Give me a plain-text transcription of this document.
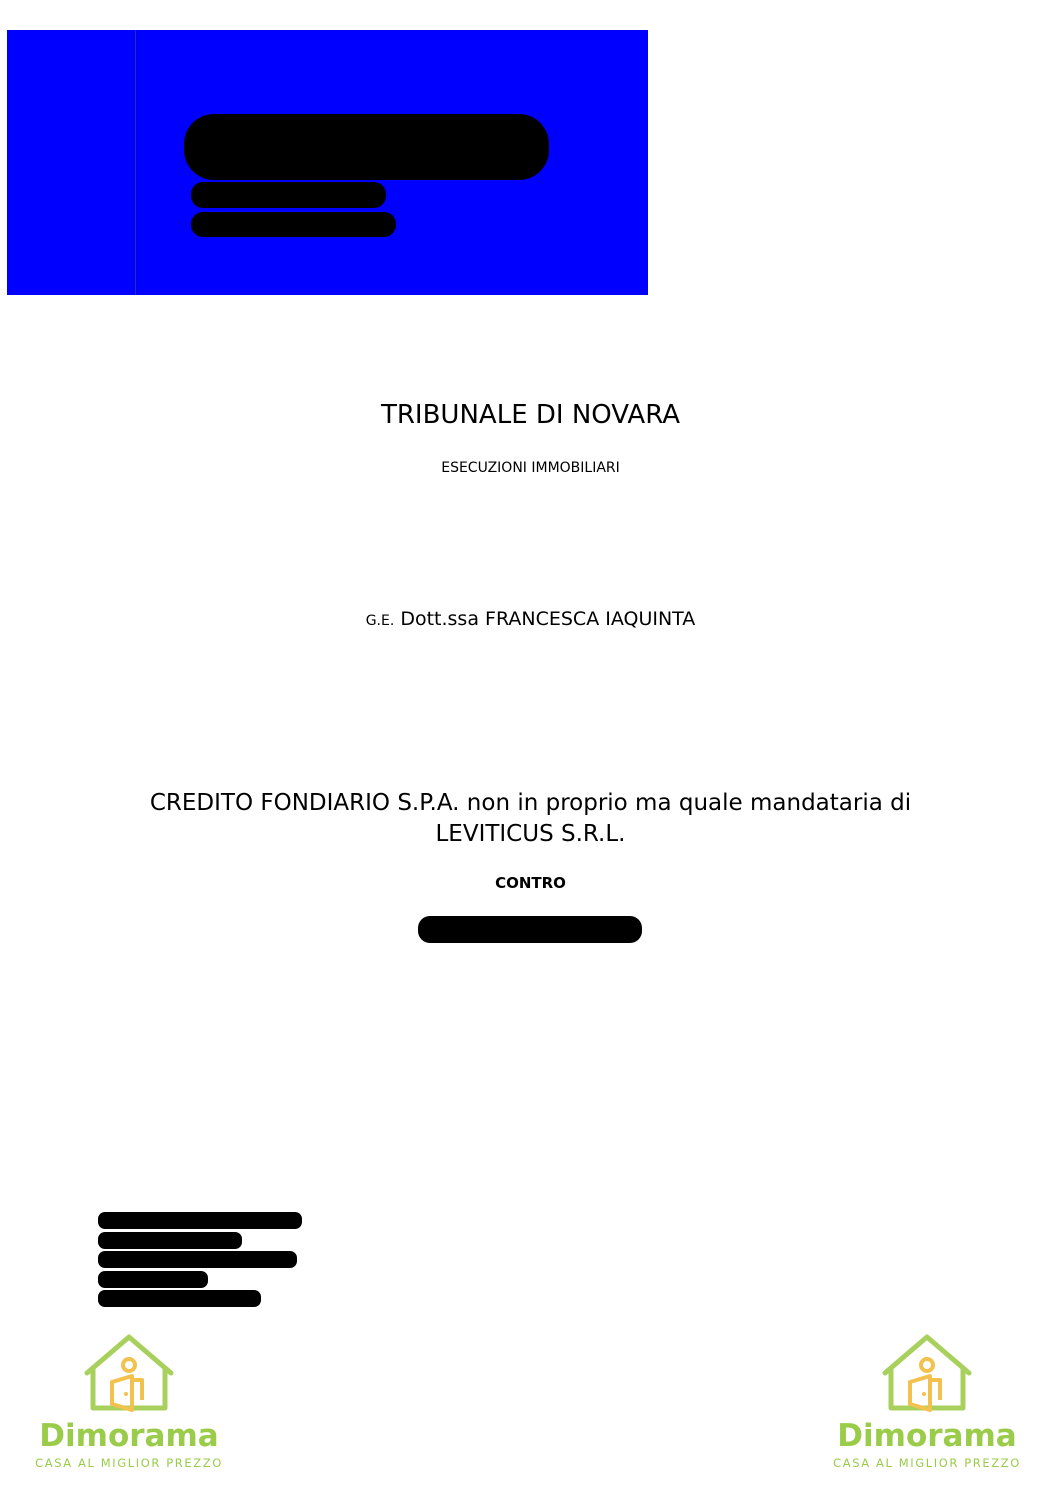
TRIBUNALE DI NOVARA
ESECUZIONI IMMOBILIARI
G.E. Dott.ssa FRANCESCA IAQUINTA
CREDITO FONDIARIO S.P.A. non in proprio ma quale mandataria di
LEVITICUS S.R.L.
CONTRO
Dimorama
CASA AL MIGLIOR PREZZO
Dimorama
CASA AL MIGLIOR PREZZO
